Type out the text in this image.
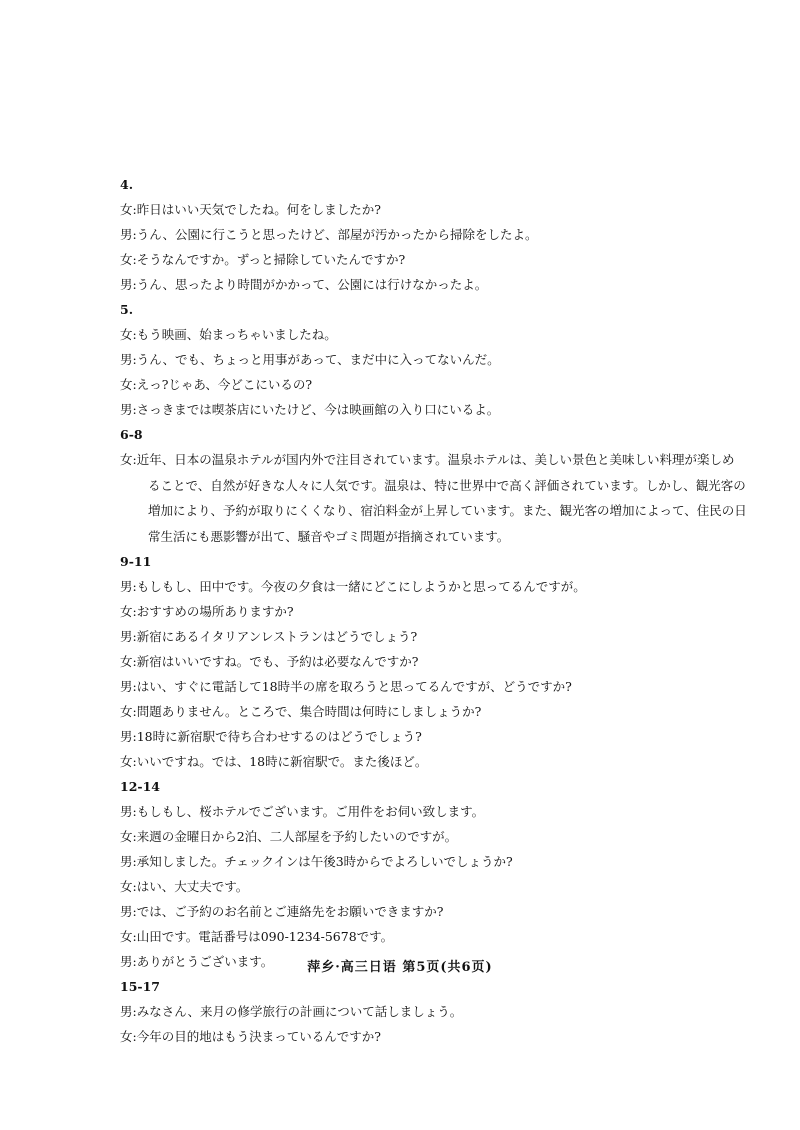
4.
女:昨日はいい天気でしたね。何をしましたか?
男:うん、公園に行こうと思ったけど、部屋が汚かったから掃除をしたよ。
女:そうなんですか。ずっと掃除していたんですか?
男:うん、思ったより時間がかかって、公園には行けなかったよ。
5.
女:もう映画、始まっちゃいましたね。
男:うん、でも、ちょっと用事があって、まだ中に入ってないんだ。
女:えっ?じゃあ、今どこにいるの?
男:さっきまでは喫茶店にいたけど、今は映画館の入り口にいるよ。
6-8
女:近年、日本の温泉ホテルが国内外で注目されています。温泉ホテルは、美しい景色と美味しい料理が楽しめ
ることで、自然が好きな人々に人気です。温泉は、特に世界中で高く評価されています。しかし、観光客の
増加により、予約が取りにくくなり、宿泊料金が上昇しています。また、観光客の増加によって、住民の日
常生活にも悪影響が出て、騒音やゴミ問題が指摘されています。
9-11
男:もしもし、田中です。今夜の夕食は一緒にどこにしようかと思ってるんですが。
女:おすすめの場所ありますか?
男:新宿にあるイタリアンレストランはどうでしょう?
女:新宿はいいですね。でも、予約は必要なんですか?
男:はい、すぐに電話して18時半の席を取ろうと思ってるんですが、どうですか?
女:問題ありません。ところで、集合時間は何時にしましょうか?
男:18時に新宿駅で待ち合わせするのはどうでしょう?
女:いいですね。では、18時に新宿駅で。また後ほど。
12-14
男:もしもし、桜ホテルでございます。ご用件をお伺い致します。
女:来週の金曜日から2泊、二人部屋を予約したいのですが。
男:承知しました。チェックインは午後3時からでよろしいでしょうか?
女:はい、大丈夫です。
男:では、ご予約のお名前とご連絡先をお願いできますか?
女:山田です。電話番号は090-1234-5678です。
男:ありがとうございます。
15-17
男:みなさん、来月の修学旅行の計画について話しましょう。
女:今年の目的地はもう決まっているんですか?
萍乡·高三日语 第5页(共6页)
